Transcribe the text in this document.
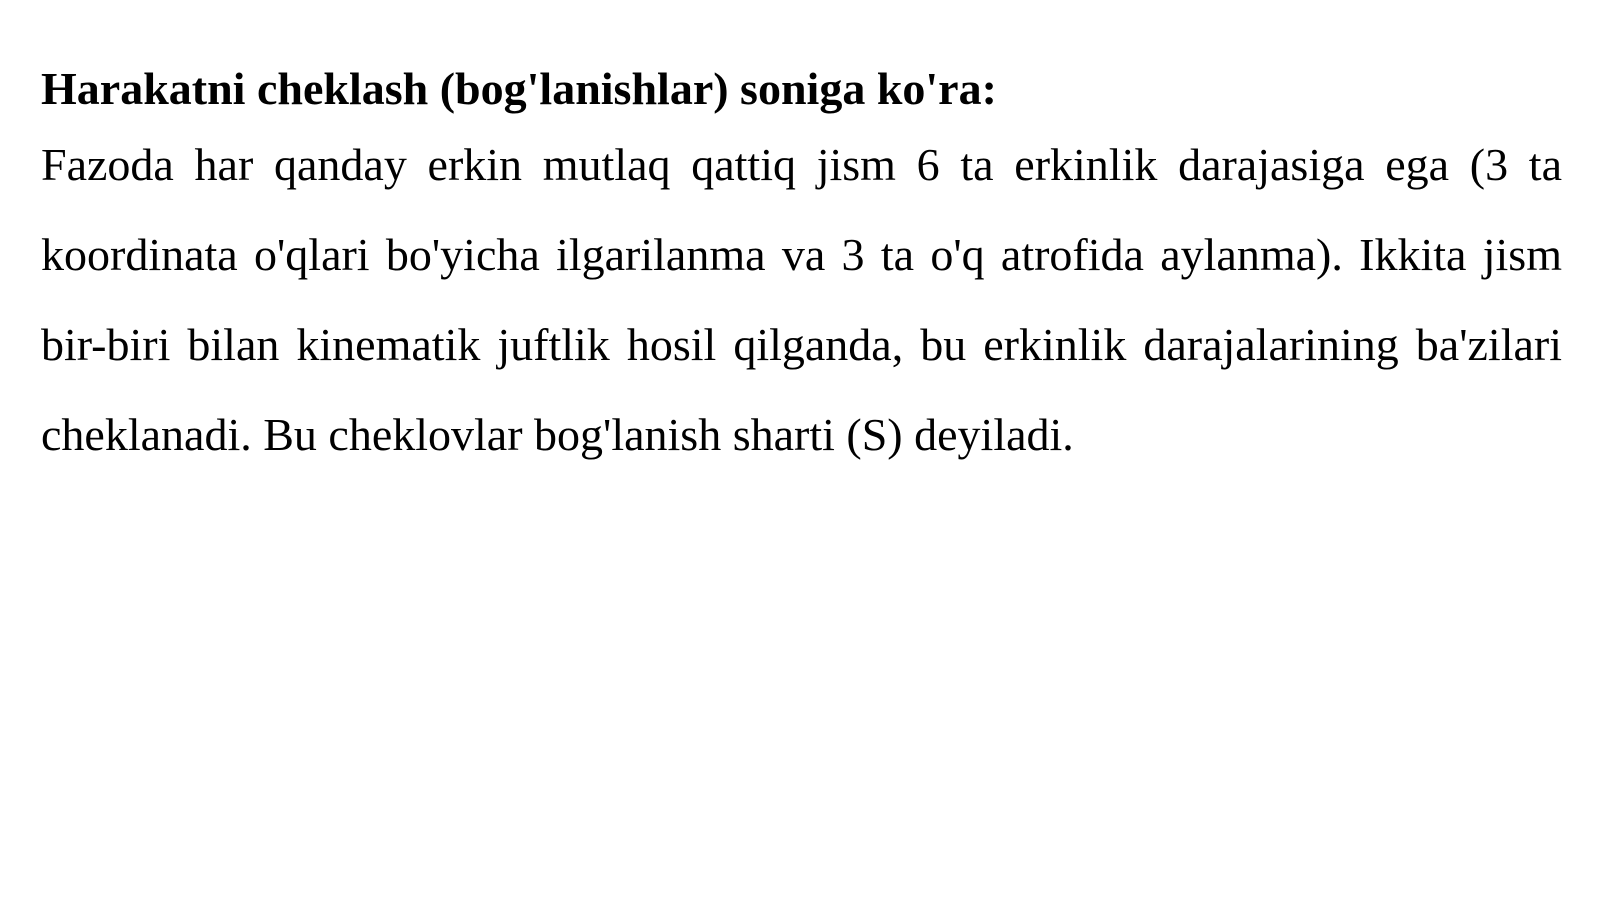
Harakatni cheklash (bog'lanishlar) soniga ko'ra:

Fazoda har qanday erkin mutlaq qattiq jism 6 ta erkinlik darajasiga ega (3 ta koordinata o'qlari bo'yicha ilgarilanma va 3 ta o'q atrofida aylanma). Ikkita jism bir-biri bilan kinematik juftlik hosil qilganda, bu erkinlik darajalarining ba'zilari cheklanadi. Bu cheklovlar bog'lanish sharti (S) deyiladi.
